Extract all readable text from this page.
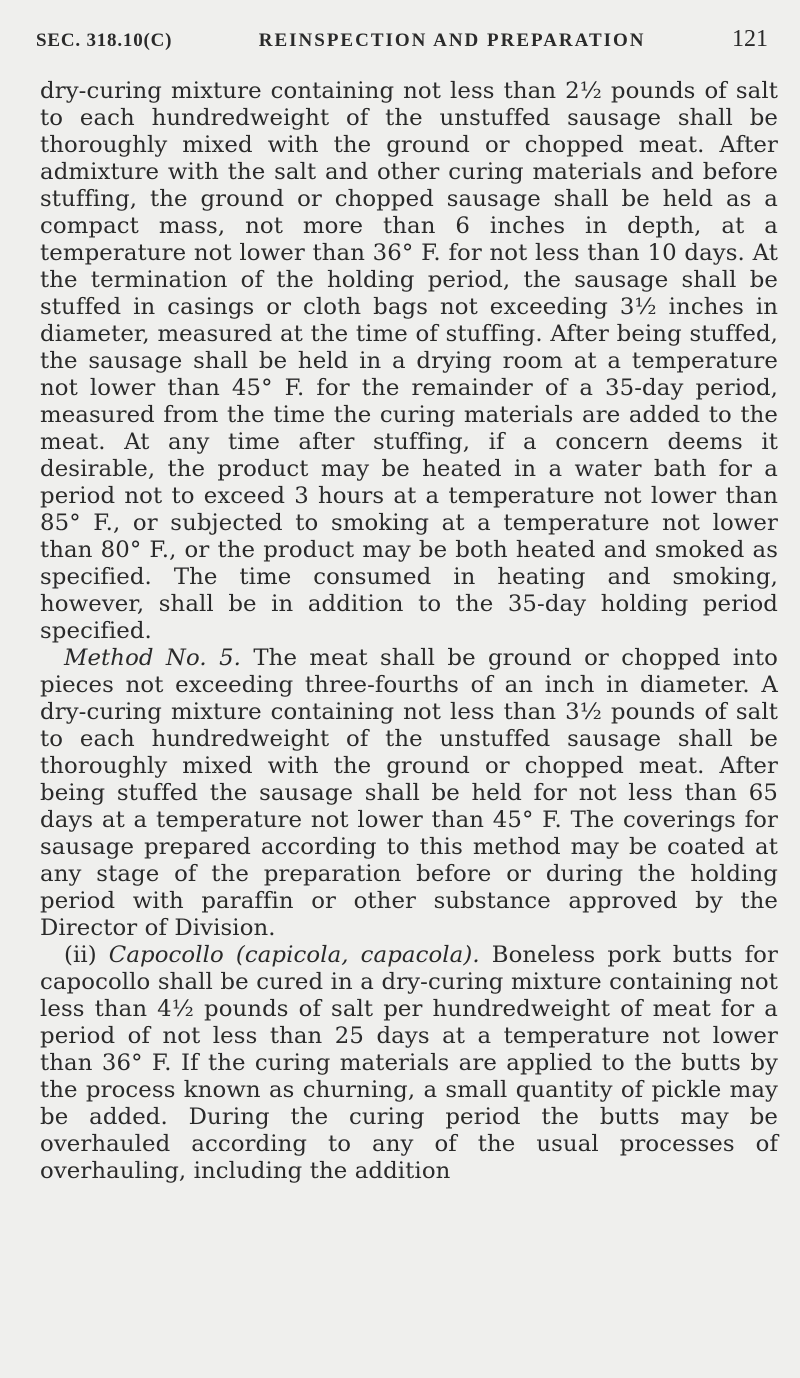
SEC. 318.10(C)	REINSPECTION AND PREPARATION	121

dry-curing mixture containing not less than 2½ pounds of salt to each hundredweight of the unstuffed sausage shall be thoroughly mixed with the ground or chopped meat. After admixture with the salt and other curing materials and before stuffing, the ground or chopped sausage shall be held as a compact mass, not more than 6 inches in depth, at a temperature not lower than 36° F. for not less than 10 days. At the termination of the holding period, the sausage shall be stuffed in casings or cloth bags not exceeding 3½ inches in diameter, measured at the time of stuffing. After being stuffed, the sausage shall be held in a drying room at a temperature not lower than 45° F. for the remainder of a 35-day period, measured from the time the curing materials are added to the meat. At any time after stuffing, if a concern deems it desirable, the product may be heated in a water bath for a period not to exceed 3 hours at a temperature not lower than 85° F., or subjected to smoking at a temperature not lower than 80° F., or the product may be both heated and smoked as specified. The time consumed in heating and smoking, however, shall be in addition to the 35-day holding period specified.

Method No. 5. The meat shall be ground or chopped into pieces not exceeding three-fourths of an inch in diameter. A dry-curing mixture containing not less than 3½ pounds of salt to each hundredweight of the unstuffed sausage shall be thoroughly mixed with the ground or chopped meat. After being stuffed the sausage shall be held for not less than 65 days at a temperature not lower than 45° F. The coverings for sausage prepared according to this method may be coated at any stage of the preparation before or during the holding period with paraffin or other substance approved by the Director of Division.

(ii) Capocollo (capicola, capacola). Boneless pork butts for capocollo shall be cured in a dry-curing mixture containing not less than 4½ pounds of salt per hundredweight of meat for a period of not less than 25 days at a temperature not lower than 36° F. If the curing materials are applied to the butts by the process known as churning, a small quantity of pickle may be added. During the curing period the butts may be overhauled according to any of the usual processes of overhauling, including the addition
